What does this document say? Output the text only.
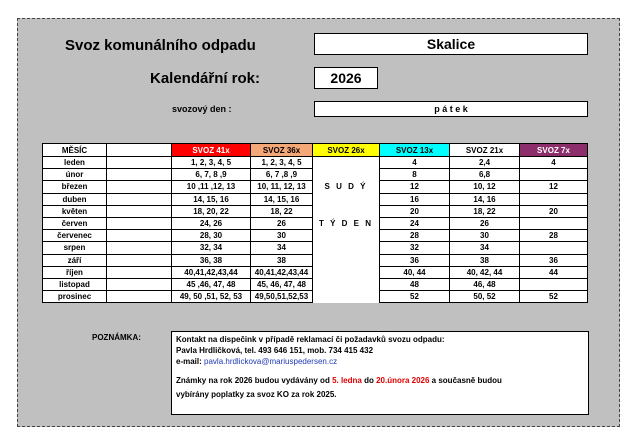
Svoz komunálního odpadu	Skalice
Kalendářní rok:	2026
svozový den :	p á t e k
MĚSÍC		SVOZ 41x	SVOZ 36x	SVOZ 26x	SVOZ 13x	SVOZ 21x	SVOZ 7x
leden		1, 2, 3, 4, 5	1, 2, 3, 4, 5		4	2,4	4
únor		6, 7, 8 ,9	6, 7 ,8 ,9		8	6,8	
březen		10 ,11 ,12, 13	10, 11, 12, 13	S U D Ý	12	10, 12	12
duben		14, 15, 16	14, 15, 16		16	14, 16	
květen		18, 20, 22	18, 22		20	18, 22	20
červen		24, 26	26	T Ý D E N	24	26	
červenec		28, 30	30		28	30	28
srpen		32, 34	34		32	34	
září		36, 38	38		36	38	36
říjen		40,41,42,43,44	40,41,42,43,44		40, 44	40, 42, 44	44
listopad		45 ,46, 47, 48	45, 46, 47, 48		48	46, 48	
prosinec		49, 50 ,51, 52, 53	49,50,51,52,53		52	50, 52	52
POZNÁMKA:	Kontakt na dispečink v případě reklamací či požadavků svozu odpadu:
Pavla Hrdličková, tel. 493 646 151, mob. 734 415 432
e-mail: pavla.hrdlickova@mariuspedersen.cz
Známky na rok 2026 budou vydávány od 5. ledna do 20.února 2026 a současně budou
vybírány poplatky za svoz KO za rok 2025.
